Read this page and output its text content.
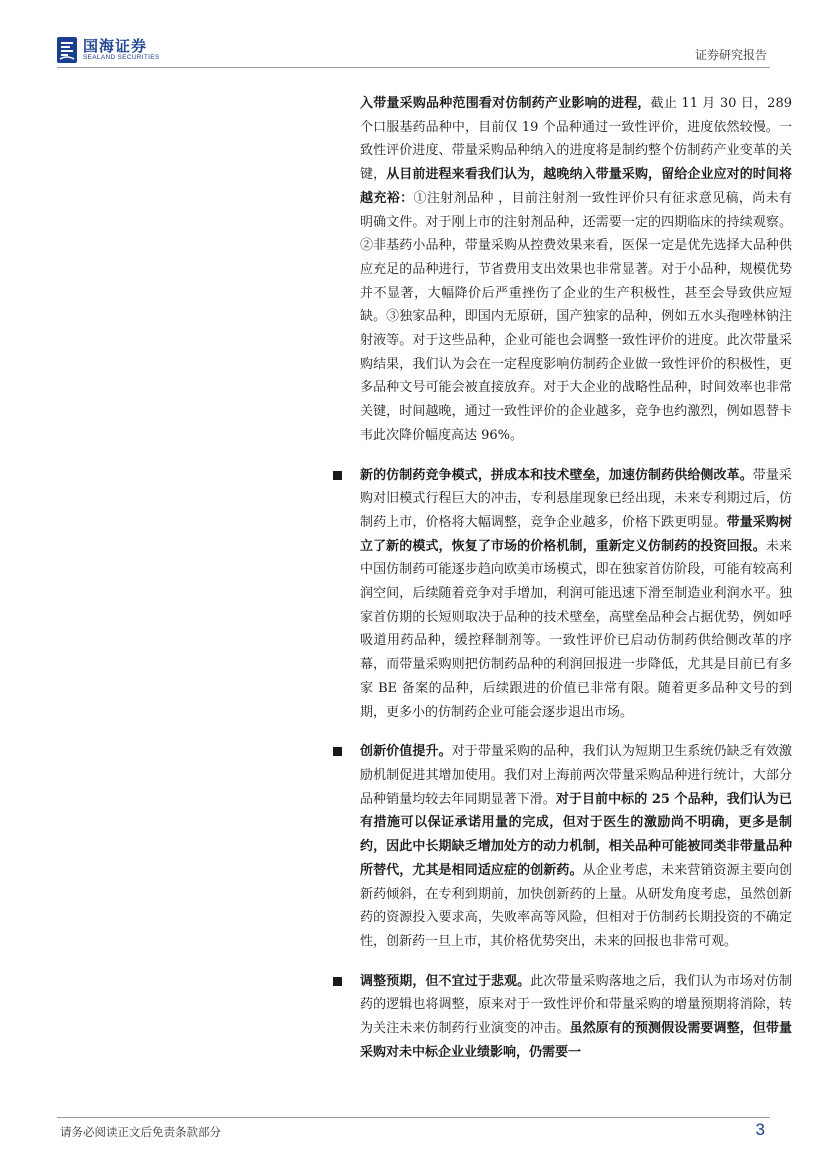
国海证券
SEALAND SECURITIES	证券研究报告

入带量采购品种范围看对仿制药产业影响的进程，截止 11 月 30 日，289 个口服基药品种中，目前仅 19 个品种通过一致性评价，进度依然较慢。一致性评价进度、带量采购品种纳入的进度将是制约整个仿制药产业变革的关键，从目前进程来看我们认为，越晚纳入带量采购，留给企业应对的时间将越充裕：①注射剂品种 ，目前注射剂一致性评价只有征求意见稿，尚未有明确文件。对于刚上市的注射剂品种，还需要一定的四期临床的持续观察。②非基药小品种，带量采购从控费效果来看，医保一定是优先选择大品种供应充足的品种进行，节省费用支出效果也非常显著。对于小品种，规模优势并不显著，大幅降价后严重挫伤了企业的生产积极性，甚至会导致供应短缺。③独家品种，即国内无原研，国产独家的品种，例如五水头孢唑林钠注射液等。对于这些品种，企业可能也会调整一致性评价的进度。此次带量采购结果，我们认为会在一定程度影响仿制药企业做一致性评价的积极性，更多品种文号可能会被直接放弃。对于大企业的战略性品种，时间效率也非常关键，时间越晚，通过一致性评价的企业越多，竞争也约激烈，例如恩替卡韦此次降价幅度高达 96%。

新的仿制药竞争模式，拼成本和技术壁垒，加速仿制药供给侧改革。带量采购对旧模式行程巨大的冲击，专利悬崖现象已经出现，未来专利期过后，仿制药上市，价格将大幅调整，竞争企业越多，价格下跌更明显。带量采购树立了新的模式，恢复了市场的价格机制，重新定义仿制药的投资回报。未来中国仿制药可能逐步趋向欧美市场模式，即在独家首仿阶段，可能有较高利润空间，后续随着竞争对手增加，利润可能迅速下滑至制造业利润水平。独家首仿期的长短则取决于品种的技术壁垒，高壁垒品种会占据优势，例如呼吸道用药品种，缓控释制剂等。一致性评价已启动仿制药供给侧改革的序幕，而带量采购则把仿制药品种的利润回报进一步降低，尤其是目前已有多家 BE 备案的品种，后续跟进的价值已非常有限。随着更多品种文号的到期，更多小的仿制药企业可能会逐步退出市场。

创新价值提升。对于带量采购的品种，我们认为短期卫生系统仍缺乏有效激励机制促进其增加使用。我们对上海前两次带量采购品种进行统计，大部分品种销量均较去年同期显著下滑。对于目前中标的 25 个品种，我们认为已有措施可以保证承诺用量的完成，但对于医生的激励尚不明确，更多是制约，因此中长期缺乏增加处方的动力机制，相关品种可能被同类非带量品种所替代，尤其是相同适应症的创新药。从企业考虑，未来营销资源主要向创新药倾斜，在专利到期前，加快创新药的上量。从研发角度考虑，虽然创新药的资源投入要求高，失败率高等风险，但相对于仿制药长期投资的不确定性，创新药一旦上市，其价格优势突出，未来的回报也非常可观。

调整预期，但不宜过于悲观。此次带量采购落地之后，我们认为市场对仿制药的逻辑也将调整，原来对于一致性评价和带量采购的增量预期将消除，转为关注未来仿制药行业演变的冲击。虽然原有的预测假设需要调整，但带量采购对未中标企业业绩影响，仍需要一

请务必阅读正文后免责条款部分	3
